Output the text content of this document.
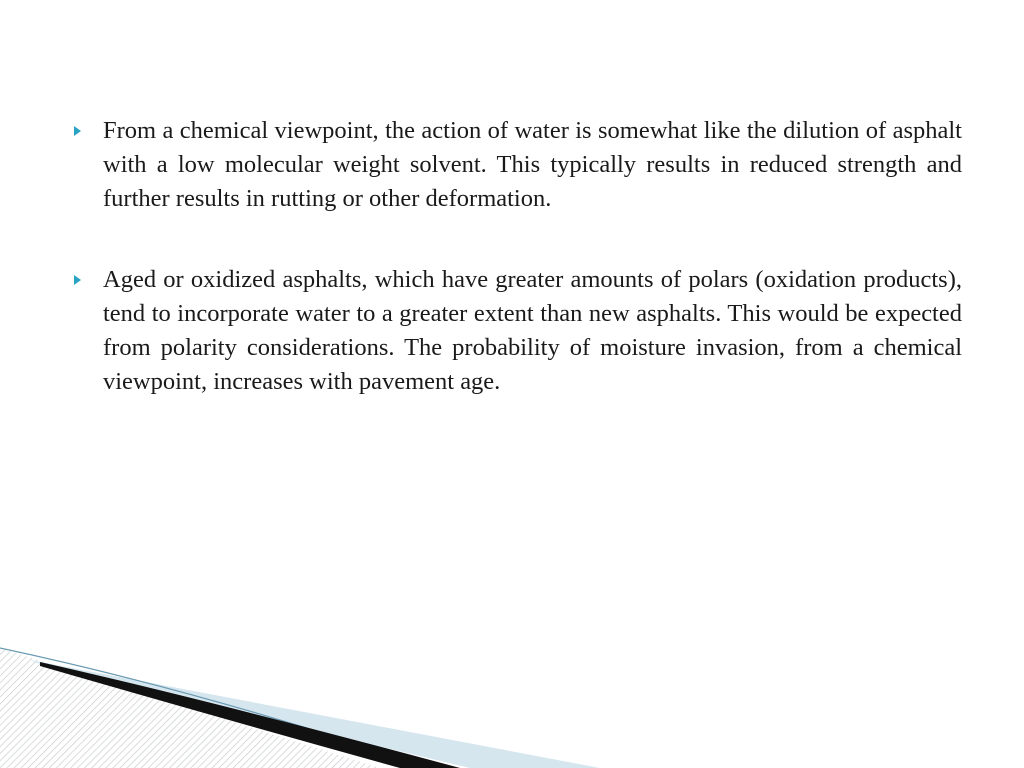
From a chemical viewpoint, the action of water is somewhat like the dilution of asphalt with a low molecular weight solvent. This typically results in reduced strength and further results in rutting or other deformation.

Aged or oxidized asphalts, which have greater amounts of polars (oxidation products), tend to incorporate water to a greater extent than new asphalts. This would be expected from polarity considerations. The probability of moisture invasion, from a chemical viewpoint, increases with pavement age.
